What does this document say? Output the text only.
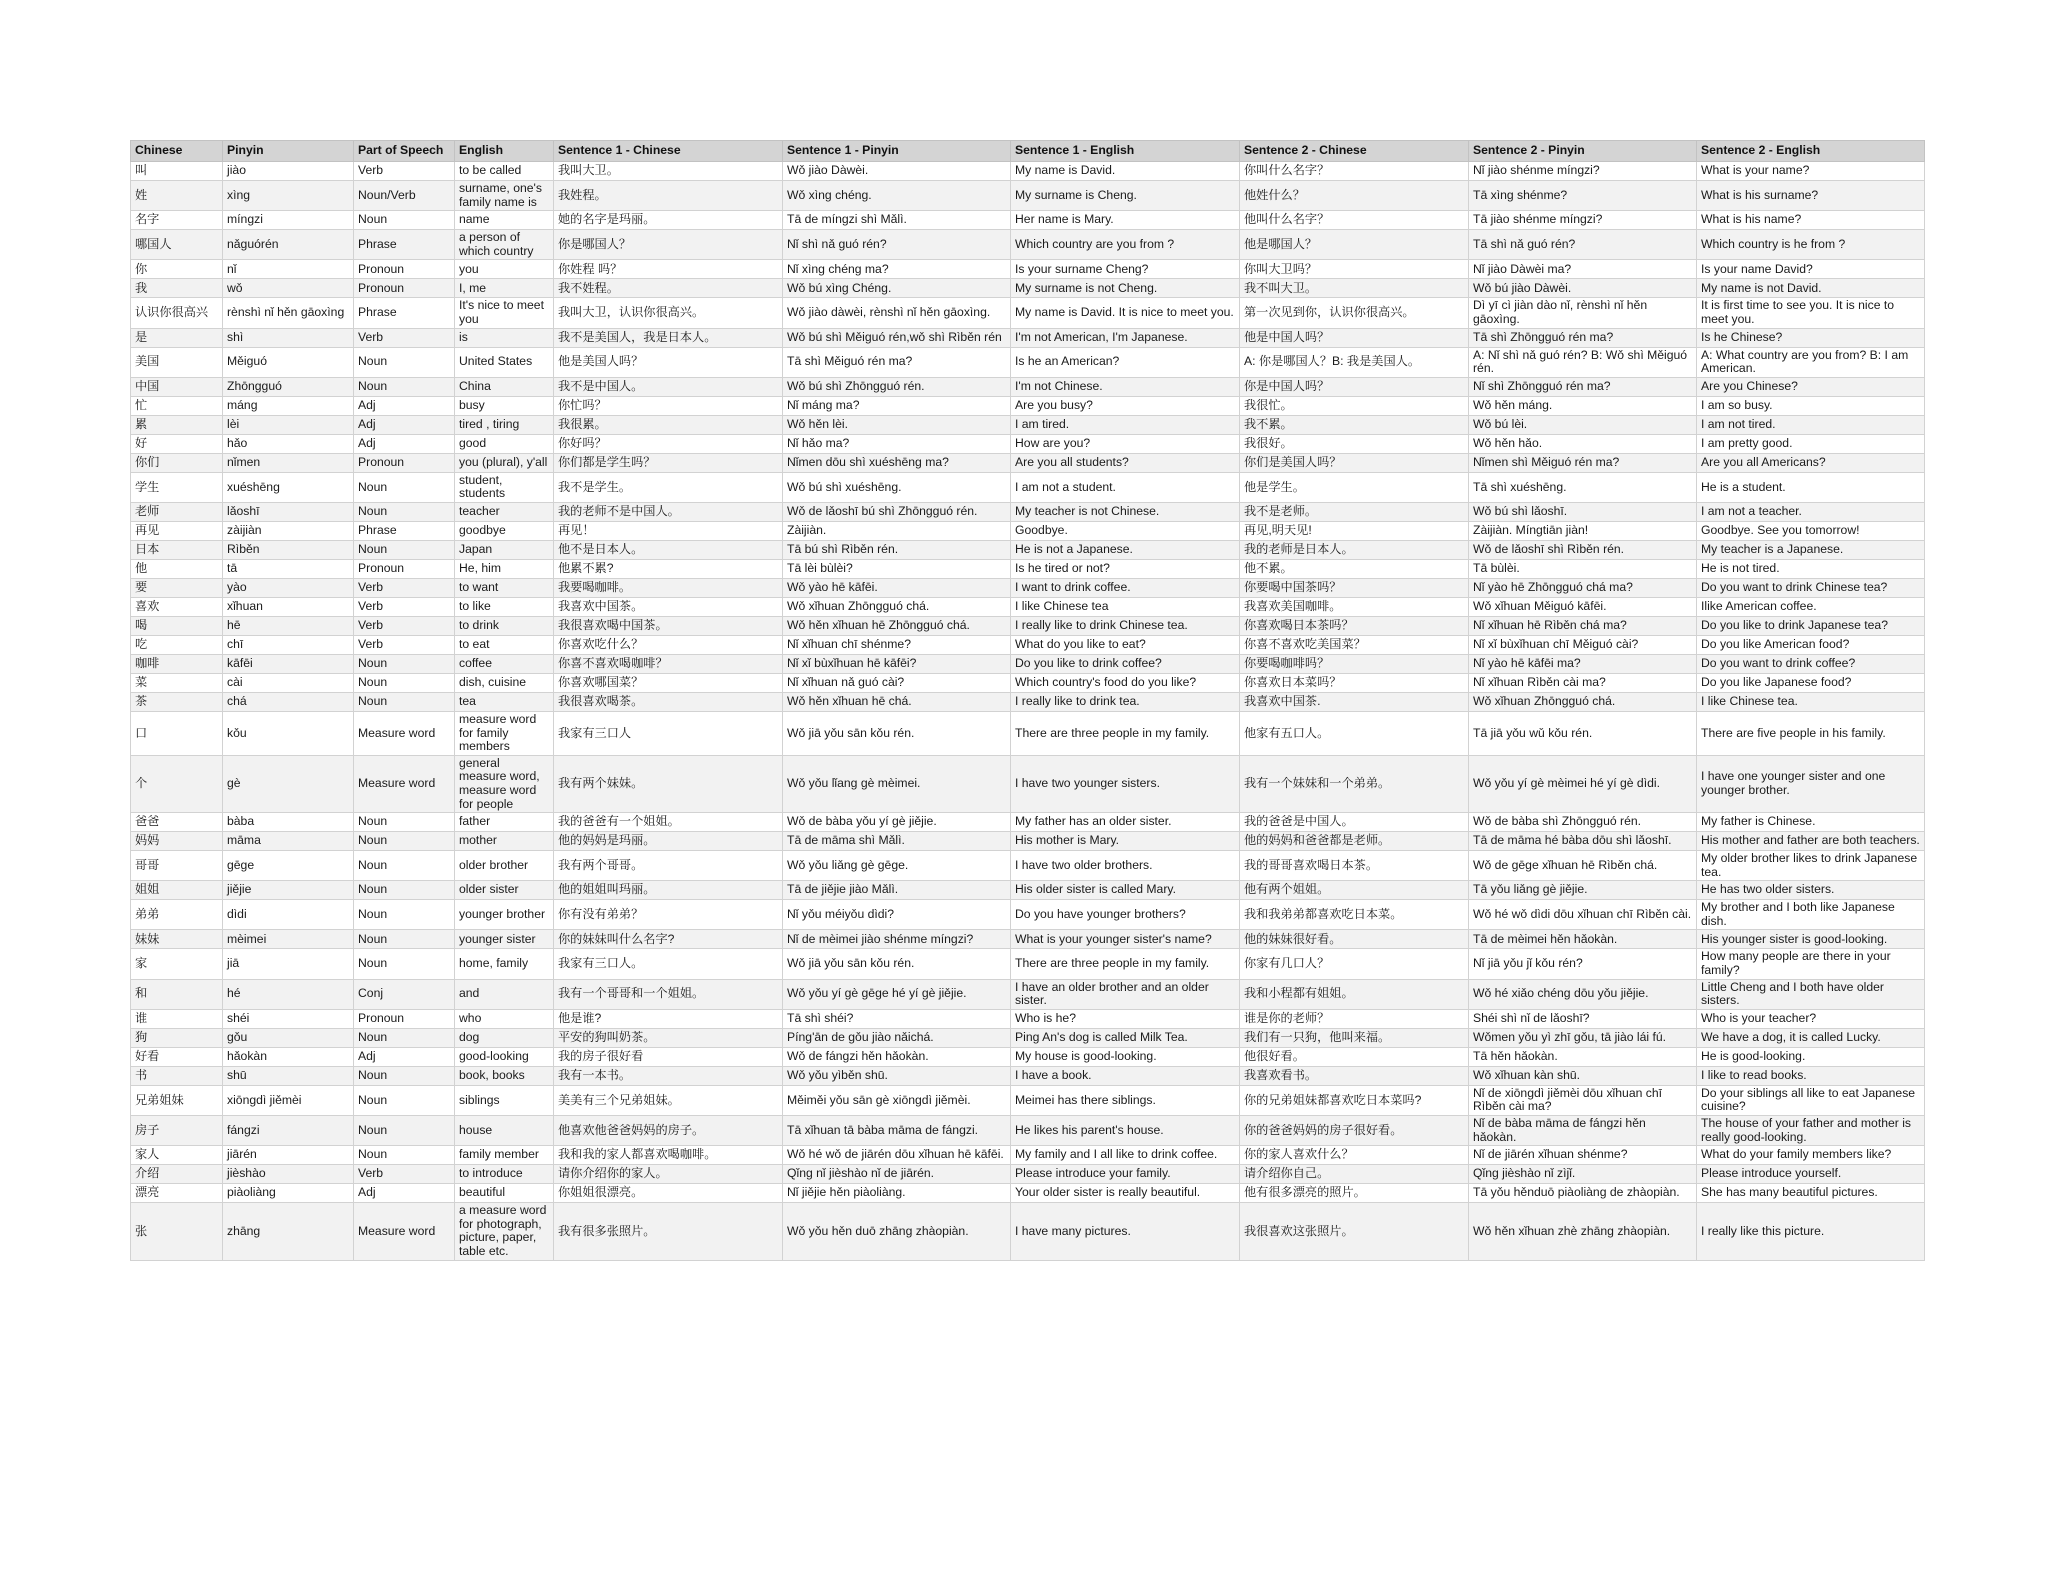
Chinese	Pinyin	Part of Speech	English	Sentence 1 - Chinese	Sentence 1 - Pinyin	Sentence 1 - English	Sentence 2 - Chinese	Sentence 2 - Pinyin	Sentence 2 - English
叫	jiào	Verb	to be called	我叫大卫。	Wǒ jiào Dàwèi.	My name is David.	你叫什么名字？	Nǐ jiào shénme míngzi?	What is your name?
姓	xìng	Noun/Verb	surname, one's family name is	我姓程。	Wǒ xìng chéng.	My surname is Cheng.	他姓什么？	Tā xìng shénme?	What is his surname?
名字	míngzi	Noun	name	她的名字是玛丽。	Tā de míngzi shì Mǎlì.	Her name is Mary.	他叫什么名字？	Tā jiào shénme míngzi?	What is his name?
哪国人	nǎguórén	Phrase	a person of which country	你是哪国人？	Nǐ shì nǎ guó rén?	Which country are you from ?	他是哪国人？	Tā shì nǎ guó rén?	Which country is he from ?
你	nǐ	Pronoun	you	你姓程 吗？	Nǐ xìng chéng ma?	Is your surname Cheng?	你叫大卫吗？	Nǐ jiào Dàwèi ma?	Is your name David?
我	wǒ	Pronoun	I, me	我不姓程。	Wǒ bú xìng Chéng.	My surname is not Cheng.	我不叫大卫。	Wǒ bú jiào Dàwèi.	My name is not David.
认识你很高兴	rènshì nǐ hěn gāoxìng	Phrase	It's nice to meet you	我叫大卫，认识你很高兴。	Wǒ jiào dàwèi, rènshì nǐ hěn gāoxìng.	My name is David. It is nice to meet you.	第一次见到你，认识你很高兴。	Dì yī cì jiàn dào nǐ, rènshì nǐ hěn gāoxìng.	It is first time to see you. It is nice to meet you.
是	shì	Verb	is	我不是美国人，我是日本人。	Wǒ bú shì Měiguó rén,wǒ shì Rìběn rén	I'm not American, I'm Japanese.	他是中国人吗？	Tā shì Zhōngguó rén ma?	Is he Chinese?
美国	Měiguó	Noun	United States	他是美国人吗？	Tā shì Měiguó rén ma?	Is he an American?	A: 你是哪国人？B: 我是美国人。	A: Nǐ shì nǎ guó rén? B: Wǒ shì Měiguó rén.	A: What country are you from? B: I am American.
中国	Zhōngguó	Noun	China	我不是中国人。	Wǒ bú shì Zhōngguó rén.	I'm not Chinese.	你是中国人吗？	Nǐ shì Zhōngguó rén ma?	Are you Chinese?
忙	máng	Adj	busy	你忙吗？	Nǐ máng ma?	Are you busy?	我很忙。	Wǒ hěn máng.	I am so busy.
累	lèi	Adj	tired , tiring	我很累。	Wǒ hěn lèi.	I am tired.	我不累。	Wǒ bú lèi.	I am not tired.
好	hǎo	Adj	good	你好吗？	Nǐ hǎo ma?	How are you?	我很好。	Wǒ hěn hǎo.	I am pretty good.
你们	nǐmen	Pronoun	you (plural), y'all	你们都是学生吗？	Nǐmen dōu shì xuéshēng ma?	Are you all students?	你们是美国人吗？	Nǐmen shì Měiguó rén ma?	Are you all Americans?
学生	xuéshēng	Noun	student, students	我不是学生。	Wǒ bú shì xuéshēng.	I am not a student.	他是学生。	Tā shì xuéshēng.	He is a student.
老师	lǎoshī	Noun	teacher	我的老师不是中国人。	Wǒ de lǎoshī bú shì Zhōngguó rén.	My teacher is not Chinese.	我不是老师。	Wǒ bú shì lǎoshī.	I am not a teacher.
再见	zàijiàn	Phrase	goodbye	再见！	Zàijiàn.	Goodbye.	再见,明天见!	Zàijiàn. Míngtiān jiàn!	Goodbye. See you tomorrow!
日本	Rìběn	Noun	Japan	他不是日本人。	Tā bú shì Rìběn rén.	He is not a Japanese.	我的老师是日本人。	Wǒ de lǎoshī shì Rìběn rén.	My teacher is a Japanese.
他	tā	Pronoun	He, him	他累不累?	Tā lèi bùlèi?	Is he tired or not?	他不累。	Tā bùlèi.	He is not tired.
要	yào	Verb	to want	我要喝咖啡。	Wǒ yào hē kāfēi.	I want to drink coffee.	你要喝中国茶吗？	Nǐ yào hē Zhōngguó chá ma?	Do you want to drink Chinese tea?
喜欢	xǐhuan	Verb	to like	我喜欢中国茶。	Wǒ xǐhuan Zhōngguó chá.	I like Chinese tea	我喜欢美国咖啡。	Wǒ xǐhuan Měiguó kāfēi.	Ilike American coffee.
喝	hē	Verb	to drink	我很喜欢喝中国茶。	Wǒ hěn xǐhuan hē Zhōngguó chá.	I really like to drink Chinese tea.	你喜欢喝日本茶吗？	Nǐ xǐhuan hē Rìběn chá ma?	Do you like to drink Japanese tea?
吃	chī	Verb	to eat	你喜欢吃什么？	Nǐ xǐhuan chī shénme?	What do you like to eat?	你喜不喜欢吃美国菜？	Nǐ xǐ bùxǐhuan chī Měiguó cài?	Do you like American food?
咖啡	kāfēi	Noun	coffee	你喜不喜欢喝咖啡？	Nǐ xǐ bùxǐhuan hē kāfēi?	Do you like to drink coffee?	你要喝咖啡吗？	Nǐ yào hē kāfēi ma?	Do you want to drink coffee?
菜	cài	Noun	dish, cuisine	你喜欢哪国菜？	Nǐ xǐhuan nǎ guó cài?	Which country's food do you like?	你喜欢日本菜吗？	Nǐ xǐhuan Rìběn cài ma?	Do you like Japanese food?
茶	chá	Noun	tea	我很喜欢喝茶。	Wǒ hěn xǐhuan hē chá.	I really like to drink tea.	我喜欢中国茶.	Wǒ xǐhuan Zhōngguó chá.	I like Chinese tea.
口	kǒu	Measure word	measure word for family members	我家有三口人	Wǒ jiā yǒu sān kǒu rén.	There are three people in my family.	他家有五口人。	Tā jiā yǒu wǔ kǒu rén.	There are five people in his family.
个	gè	Measure word	general measure word, measure word for people	我有两个妹妹。	Wǒ yǒu lǐang gè mèimei.	I have two younger sisters.	我有一个妹妹和一个弟弟。	Wǒ yǒu yí gè mèimei hé yí gè dìdi.	I have one younger sister and one younger brother.
爸爸	bàba	Noun	father	我的爸爸有一个姐姐。	Wǒ de bàba yǒu yí gè jiějie.	My father has an older sister.	我的爸爸是中国人。	Wǒ de bàba shì Zhōngguó rén.	My father is Chinese.
妈妈	māma	Noun	mother	他的妈妈是玛丽。	Tā de māma shì Mǎlì.	His mother is Mary.	他的妈妈和爸爸都是老师。	Tā de māma hé bàba dōu shì lǎoshī.	His mother and father are both teachers.
哥哥	gēge	Noun	older brother	我有两个哥哥。	Wǒ yǒu liǎng gè gēge.	I have two older brothers.	我的哥哥喜欢喝日本茶。	Wǒ de gēge xǐhuan hē Rìběn chá.	My older brother likes to drink Japanese tea.
姐姐	jiějie	Noun	older sister	他的姐姐叫玛丽。	Tā de jiějie jiào Mǎlì.	His older sister is called Mary.	他有两个姐姐。	Tā yǒu liǎng gè jiějie.	He has two older sisters.
弟弟	dìdi	Noun	younger brother	你有没有弟弟？	Nǐ yǒu méiyǒu dìdi?	Do you have younger brothers?	我和我弟弟都喜欢吃日本菜。	Wǒ hé wǒ dìdi dōu xǐhuan chī Rìběn cài.	My brother and I both like Japanese dish.
妹妹	mèimei	Noun	younger sister	你的妹妹叫什么名字?	Nǐ de mèimei jiào shénme míngzi?	What is your younger sister's name?	他的妹妹很好看。	Tā de mèimei hěn hǎokàn.	His younger sister is good-looking.
家	jiā	Noun	home, family	我家有三口人。	Wǒ jiā yǒu sān kǒu rén.	There are three people in my family.	你家有几口人？	Nǐ jiā yǒu jǐ kǒu rén?	How many people are there in your family?
和	hé	Conj	and	我有一个哥哥和一个姐姐。	Wǒ yǒu yí gè gēge hé yí gè jiějie.	I have an older brother and an older sister.	我和小程都有姐姐。	Wǒ hé xiǎo chéng dōu yǒu jiějie.	Little Cheng and I both have older sisters.
谁	shéi	Pronoun	who	他是谁?	Tā shì shéi?	Who is he?	谁是你的老师？	Shéi shì nǐ de lǎoshī?	Who is your teacher?
狗	gǒu	Noun	dog	平安的狗叫奶茶。	Píng'ān de gǒu jiào nǎichá.	Ping An's dog is called Milk Tea.	我们有一只狗，他叫来福。	Wǒmen yǒu yì zhī gǒu, tā jiào lái fú.	We have a dog, it is called Lucky.
好看	hǎokàn	Adj	good-looking	我的房子很好看	Wǒ de fángzi hěn hǎokàn.	My house is good-looking.	他很好看。	Tā hěn hǎokàn.	He is good-looking.
书	shū	Noun	book, books	我有一本书。	Wǒ yǒu yìběn shū.	I have a book.	我喜欢看书。	Wǒ xǐhuan kàn shū.	I like to read books.
兄弟姐妹	xiōngdì jiěmèi	Noun	siblings	美美有三个兄弟姐妹。	Měiměi yǒu sān gè xiōngdì jiěmèi.	Meimei has there siblings.	你的兄弟姐妹都喜欢吃日本菜吗?	Nǐ de xiōngdì jiěmèi dōu xǐhuan chī Rìběn cài ma?	Do your siblings all like to eat Japanese cuisine?
房子	fángzi	Noun	house	他喜欢他爸爸妈妈的房子。	Tā xǐhuan tā bàba māma de fángzi.	He likes his parent's house.	你的爸爸妈妈的房子很好看。	Nǐ de bàba māma de fángzi hěn hǎokàn.	The house of your father and mother is really good-looking.
家人	jiārén	Noun	family member	我和我的家人都喜欢喝咖啡。	Wǒ hé wǒ de jiārén dōu xǐhuan hē kāfēi.	My family and I all like to drink coffee.	你的家人喜欢什么？	Nǐ de jiārén xǐhuan shénme?	What do your family members like?
介绍	jièshào	Verb	to introduce	请你介绍你的家人。	Qǐng nǐ jièshào nǐ de jiārén.	Please introduce your family.	请介绍你自己。	Qǐng jièshào nǐ zìjǐ.	Please introduce yourself.
漂亮	piàoliàng	Adj	beautiful	你姐姐很漂亮。	Nǐ jiějie hěn piàoliàng.	Your older sister is really beautiful.	他有很多漂亮的照片。	Tā yǒu hěnduō piàoliàng de zhàopiàn.	She has many beautiful pictures.
张	zhāng	Measure word	a measure word for photograph, picture, paper, table etc.	我有很多张照片。	Wǒ yǒu hěn duō zhāng zhàopiàn.	I have many pictures.	我很喜欢这张照片。	Wǒ hěn xǐhuan zhè zhāng zhàopiàn.	I really like this picture.
